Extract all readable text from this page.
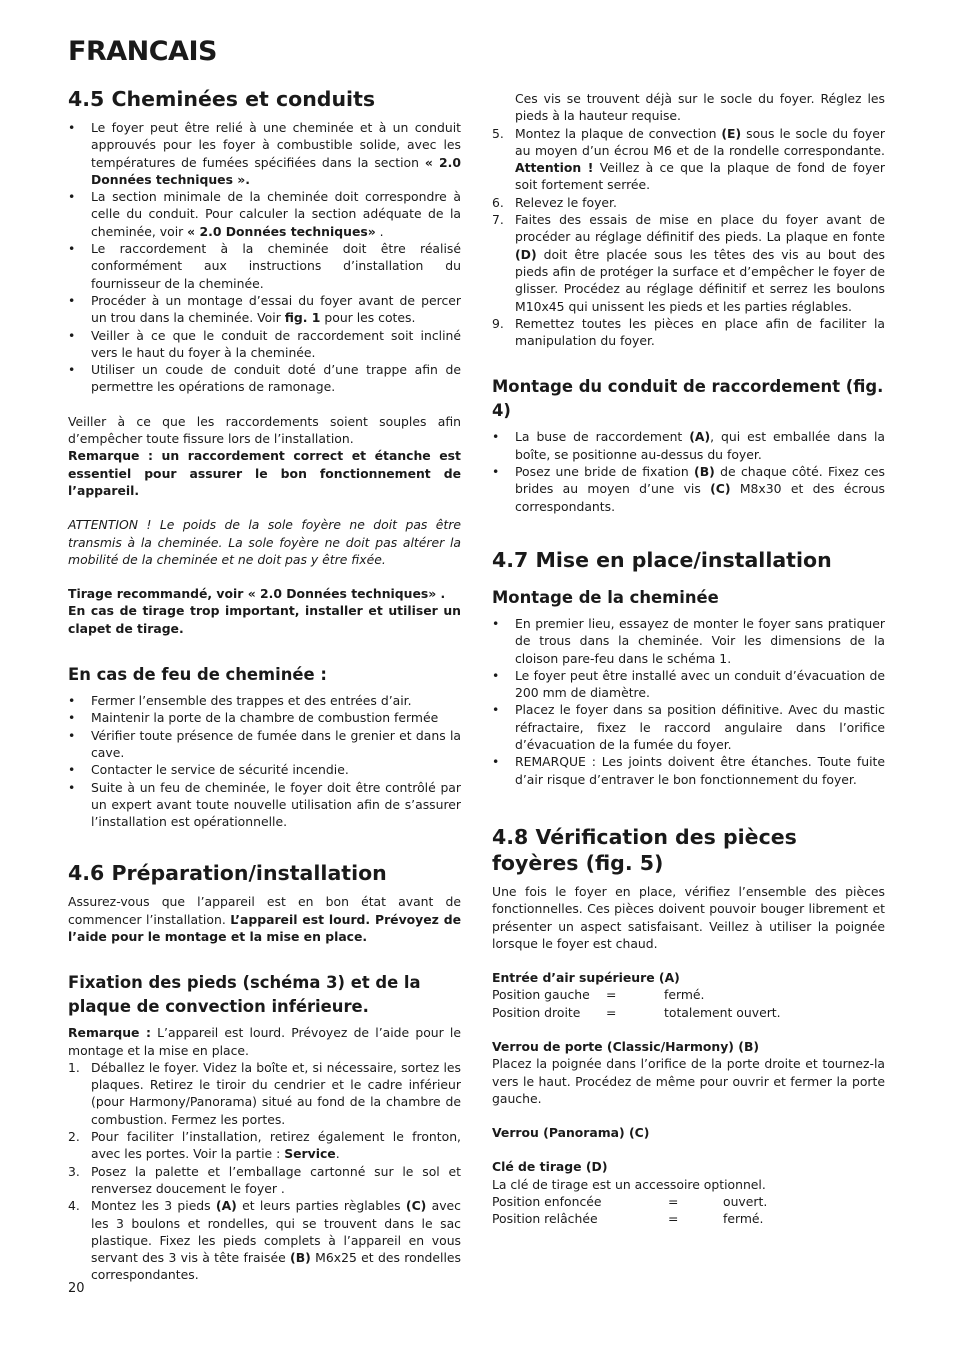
FRANCAIS
4.5 Cheminées et conduits
• Le foyer peut être relié à une cheminée et à un conduit approuvés pour les foyer à combustible solide, avec les températures de fumées spécifiées dans la section « 2.0 Données techniques ».
• La section minimale de la cheminée doit correspondre à celle du conduit. Pour calculer la section adéquate de la cheminée, voir « 2.0 Données techniques» .
• Le raccordement à la cheminée doit être réalisé conformément aux instructions d’installation du fournisseur de la cheminée.
• Procéder à un montage d’essai du foyer avant de percer un trou dans la cheminée. Voir fig. 1 pour les cotes.
• Veiller à ce que le conduit de raccordement soit incliné vers le haut du foyer à la cheminée.
• Utiliser un coude de conduit doté d’une trappe afin de permettre les opérations de ramonage.

Veiller à ce que les raccordements soient souples afin d’empêcher toute fissure lors de l’installation.

Remarque : un raccordement correct et étanche est essentiel pour assurer le bon fonctionnement de l’appareil.

ATTENTION ! Le poids de la sole foyère ne doit pas être transmis à la cheminée. La sole foyère ne doit pas altérer la mobilité de la cheminée et ne doit pas y être fixée.

Tirage recommandé, voir « 2.0 Données techniques» .

En cas de tirage trop important, installer et utiliser un clapet de tirage.

En cas de feu de cheminée :
• Fermer l’ensemble des trappes et des entrées d’air.
• Maintenir la porte de la chambre de combustion fermée
• Vérifier toute présence de fumée dans le grenier et dans la cave.
• Contacter le service de sécurité incendie.
• Suite à un feu de cheminée, le foyer doit être contrôlé par un expert avant toute nouvelle utilisation afin de s’assurer l’installation est opérationnelle.
4.6 Préparation/installation

Assurez-vous que l’appareil est en bon état avant de commencer l’installation. L’appareil est lourd. Prévoyez de l’aide pour le montage et la mise en place.

Fixation des pieds (schéma 3) et de la plaque de convection inférieure.

Remarque : L’appareil est lourd. Prévoyez de l’aide pour le montage et la mise en place.

1. Déballez le foyer. Videz la boîte et, si nécessaire, sortez les plaques. Retirez le tiroir du cendrier et le cadre inférieur (pour Harmony/Panorama) situé au fond de la chambre de combustion. Fermez les portes.
2. Pour faciliter l’installation, retirez également le fronton, avec les portes. Voir la partie : Service.
3. Posez la palette et l’emballage cartonné sur le sol et renversez doucement le foyer .
4. Montez les 3 pieds (A) et leurs parties règlables (C) avec les 3 boulons et rondelles, qui se trouvent dans le sac plastique. Fixez les pieds complets à l’appareil en vous servant des 3 vis à tête fraisée (B) M6x25 et des rondelles correspondantes.

Ces vis se trouvent déjà sur le socle du foyer. Réglez les pieds à la hauteur requise.

5. Montez la plaque de convection (E) sous le socle du foyer au moyen d’un écrou M6 et de la rondelle correspondante. Attention ! Veillez à ce que la plaque de fond de foyer soit fortement serrée.
6. Relevez le foyer.
7. Faites des essais de mise en place du foyer avant de procéder au réglage définitif des pieds. La plaque en fonte (D) doit être placée sous les têtes des vis au bout des pieds afin de protéger la surface et d’empêcher le foyer de glisser. Procédez au réglage définitif et serrez les boulons M10x45 qui unissent les pieds et les parties réglables.
9. Remettez toutes les pièces en place afin de faciliter la manipulation du foyer.
Montage du conduit de raccordement (fig. 4)
• La buse de raccordement (A), qui est emballée dans la boîte, se positionne au-dessus du foyer.
• Posez une bride de fixation (B) de chaque côté. Fixez ces brides au moyen d’une vis (C) M8x30 et des écrous correspondants.
4.7 Mise en place/installation
Montage de la cheminée
• En premier lieu, essayez de monter le foyer sans pratiquer de trous dans la cheminée. Voir les dimensions de la cloison pare-feu dans le schéma 1.
• Le foyer peut être installé avec un conduit d’évacuation de 200 mm de diamètre.
• Placez le foyer dans sa position définitive. Avec du mastic réfractaire, fixez le raccord angulaire dans l’orifice d’évacuation de la fumée du foyer.
• REMARQUE : Les joints doivent être étanches. Toute fuite d’air risque d’entraver le bon fonctionnement du foyer.
4.8 Vérification des pièces foyères (fig. 5)

Une fois le foyer en place, vérifiez l’ensemble des pièces fonctionnelles. Ces pièces doivent pouvoir bouger librement et présenter un aspect satisfaisant. Veillez à utiliser la poignée lorsque le foyer est chaud.

Entrée d’air supérieure (A)

Position gauche	=	fermé.
Position droite	=	totalement ouvert.

Verrou de porte (Classic/Harmony) (B)

Placez la poignée dans l’orifice de la porte droite et tournez-la vers le haut. Procédez de même pour ouvrir et fermer la porte gauche.

Verrou (Panorama) (C)

Clé de tirage (D)

La clé de tirage est un accessoire optionnel.

Position enfoncée	=	ouvert.
Position relâchée	=	fermé.
20
